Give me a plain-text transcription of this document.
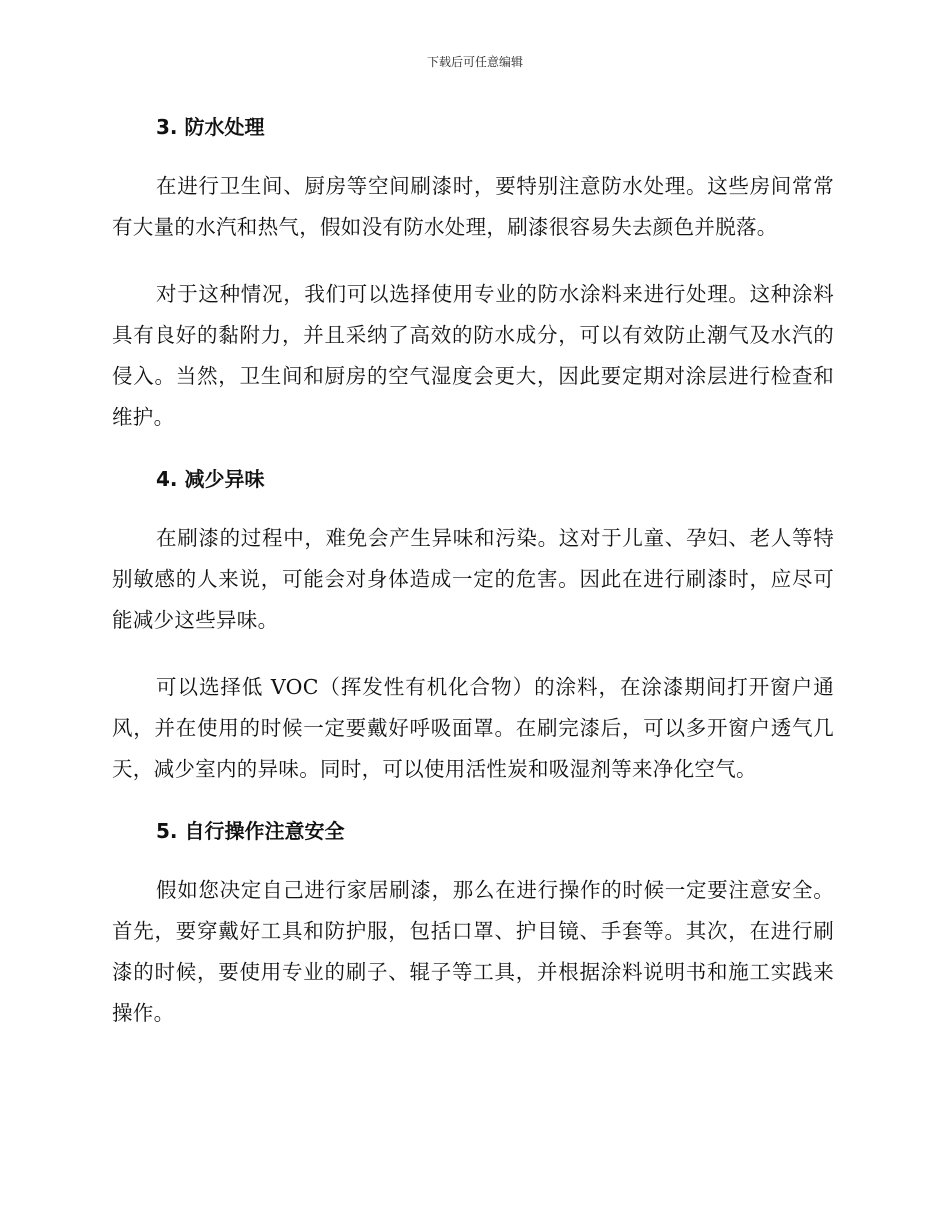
下载后可任意编辑
3. 防水处理

在进行卫生间、厨房等空间刷漆时，要特别注意防水处理。这些房间常常有大量的水汽和热气，假如没有防水处理，刷漆很容易失去颜色并脱落。

对于这种情况，我们可以选择使用专业的防水涂料来进行处理。这种涂料具有良好的黏附力，并且采纳了高效的防水成分，可以有效防止潮气及水汽的侵入。当然，卫生间和厨房的空气湿度会更大，因此要定期对涂层进行检查和维护。

4. 减少异味

在刷漆的过程中，难免会产生异味和污染。这对于儿童、孕妇、老人等特别敏感的人来说，可能会对身体造成一定的危害。因此在进行刷漆时，应尽可能减少这些异味。

可以选择低 VOC（挥发性有机化合物）的涂料，在涂漆期间打开窗户通风，并在使用的时候一定要戴好呼吸面罩。在刷完漆后，可以多开窗户透气几天，减少室内的异味。同时，可以使用活性炭和吸湿剂等来净化空气。

5. 自行操作注意安全

假如您决定自己进行家居刷漆，那么在进行操作的时候一定要注意安全。首先，要穿戴好工具和防护服，包括口罩、护目镜、手套等。其次，在进行刷漆的时候，要使用专业的刷子、辊子等工具，并根据涂料说明书和施工实践来操作。
